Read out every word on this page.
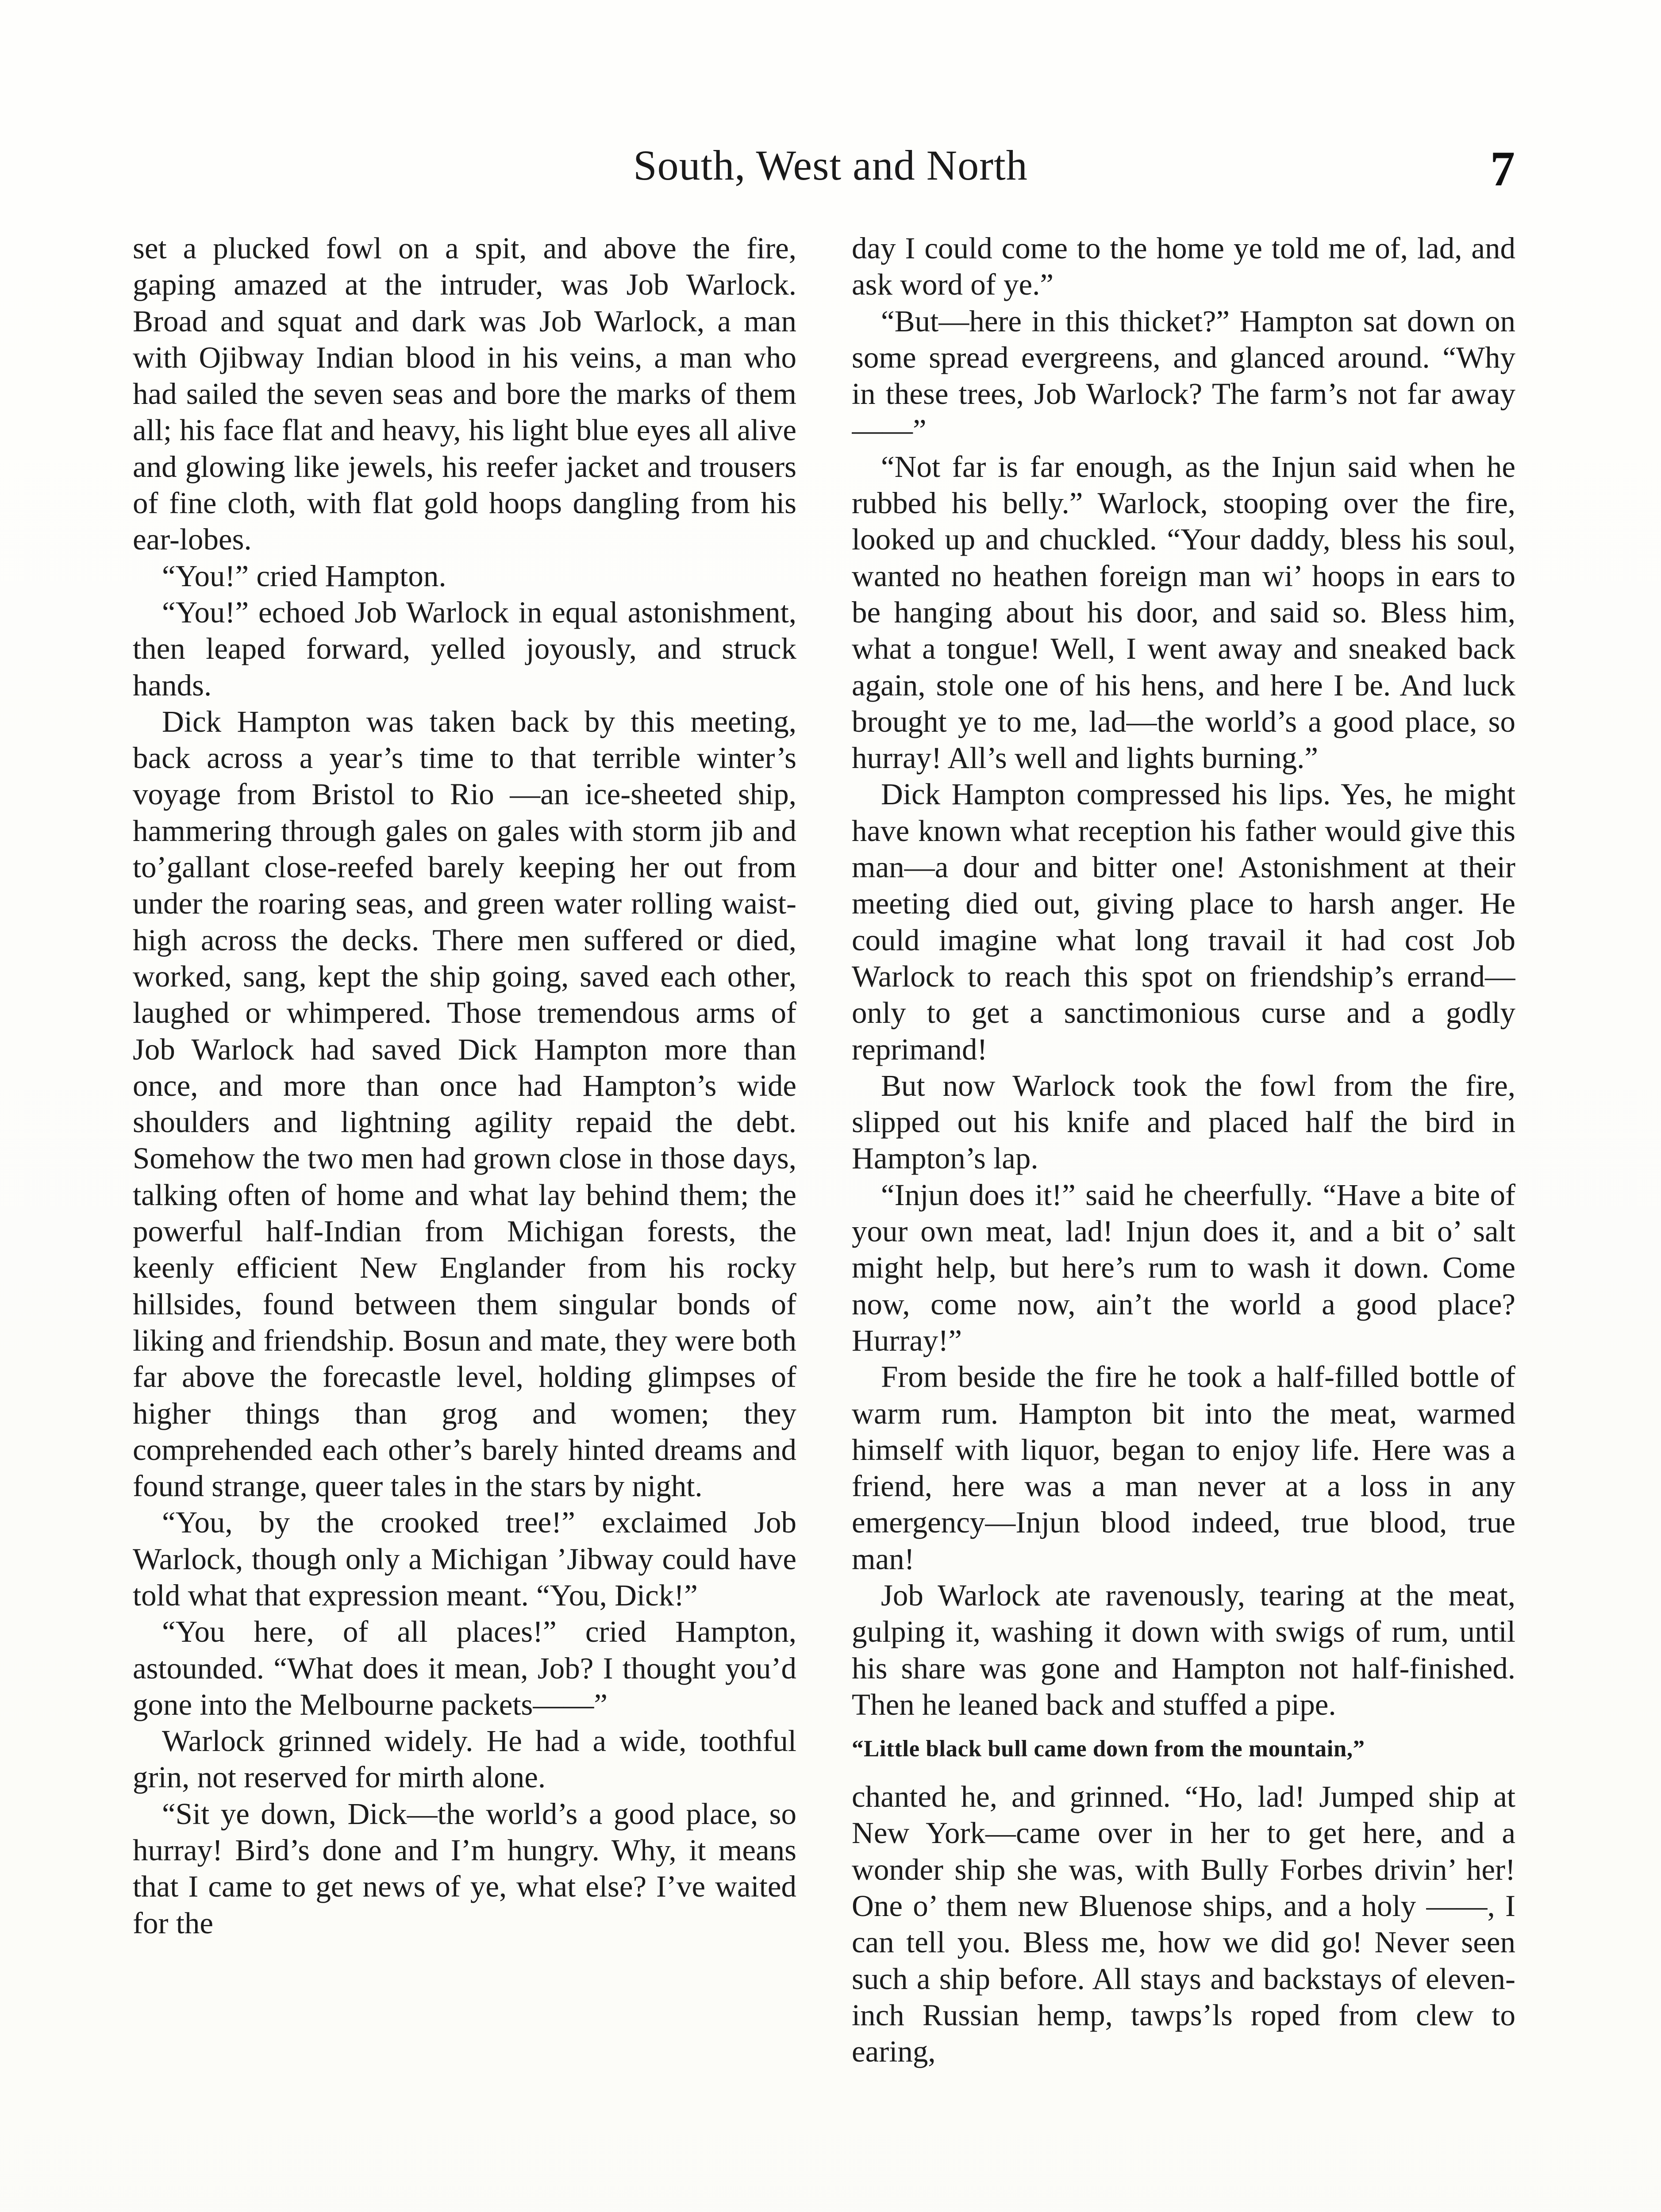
South, West and North	7

set a plucked fowl on a spit, and above the fire, gaping amazed at the intruder, was Job Warlock. Broad and squat and dark was Job Warlock, a man with Ojibway Indian blood in his veins, a man who had sailed the seven seas and bore the marks of them all; his face flat and heavy, his light blue eyes all alive and glowing like jewels, his reefer jacket and trousers of fine cloth, with flat gold hoops dangling from his ear-lobes.

“You!” cried Hampton.

“You!” echoed Job Warlock in equal astonishment, then leaped forward, yelled joyously, and struck hands.

Dick Hampton was taken back by this meeting, back across a year’s time to that terrible winter’s voyage from Bristol to Rio —an ice-sheeted ship, hammering through gales on gales with storm jib and to’gallant close-reefed barely keeping her out from under the roaring seas, and green water rolling waist-high across the decks. There men suffered or died, worked, sang, kept the ship going, saved each other, laughed or whimpered. Those tremendous arms of Job Warlock had saved Dick Hampton more than once, and more than once had Hampton’s wide shoulders and lightning agility repaid the debt. Somehow the two men had grown close in those days, talking often of home and what lay behind them; the powerful half-Indian from Michigan forests, the keenly efficient New Englander from his rocky hillsides, found between them singular bonds of liking and friendship. Bosun and mate, they were both far above the forecastle level, holding glimpses of higher things than grog and women; they comprehended each other’s barely hinted dreams and found strange, queer tales in the stars by night.

“You, by the crooked tree!” exclaimed Job Warlock, though only a Michigan ’Jibway could have told what that expression meant. “You, Dick!”

“You here, of all places!” cried Hampton, astounded. “What does it mean, Job? I thought you’d gone into the Melbourne packets——”

Warlock grinned widely. He had a wide, toothful grin, not reserved for mirth alone.

“Sit ye down, Dick—the world’s a good place, so hurray! Bird’s done and I’m hungry. Why, it means that I came to get news of ye, what else? I’ve waited for the

day I could come to the home ye told me of, lad, and ask word of ye.”

“But—here in this thicket?” Hampton sat down on some spread evergreens, and glanced around. “Why in these trees, Job Warlock? The farm’s not far away——”

“Not far is far enough, as the Injun said when he rubbed his belly.” Warlock, stooping over the fire, looked up and chuckled. “Your daddy, bless his soul, wanted no heathen foreign man wi’ hoops in ears to be hanging about his door, and said so. Bless him, what a tongue! Well, I went away and sneaked back again, stole one of his hens, and here I be. And luck brought ye to me, lad—the world’s a good place, so hurray! All’s well and lights burning.”

Dick Hampton compressed his lips. Yes, he might have known what reception his father would give this man—a dour and bitter one! Astonishment at their meeting died out, giving place to harsh anger. He could imagine what long travail it had cost Job Warlock to reach this spot on friendship’s errand—only to get a sanctimonious curse and a godly reprimand!

But now Warlock took the fowl from the fire, slipped out his knife and placed half the bird in Hampton’s lap.

“Injun does it!” said he cheerfully. “Have a bite of your own meat, lad! Injun does it, and a bit o’ salt might help, but here’s rum to wash it down. Come now, come now, ain’t the world a good place? Hurray!”

From beside the fire he took a half-filled bottle of warm rum. Hampton bit into the meat, warmed himself with liquor, began to enjoy life. Here was a friend, here was a man never at a loss in any emergency—Injun blood indeed, true blood, true man!

Job Warlock ate ravenously, tearing at the meat, gulping it, washing it down with swigs of rum, until his share was gone and Hampton not half-finished. Then he leaned back and stuffed a pipe.

“Little black bull came down from the mountain,”

chanted he, and grinned. “Ho, lad! Jumped ship at New York—came over in her to get here, and a wonder ship she was, with Bully Forbes drivin’ her! One o’ them new Bluenose ships, and a holy ——, I can tell you. Bless me, how we did go! Never seen such a ship before. All stays and backstays of eleven-inch Russian hemp, tawps’ls roped from clew to earing,
